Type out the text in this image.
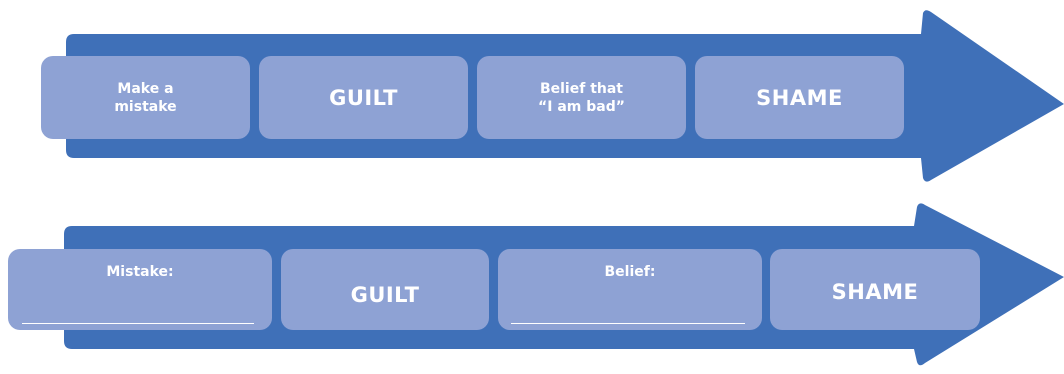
Make a
mistake	GUILT	Belief that
“I am bad”	SHAME
Mistake:
GUILT
Belief:
SHAME
